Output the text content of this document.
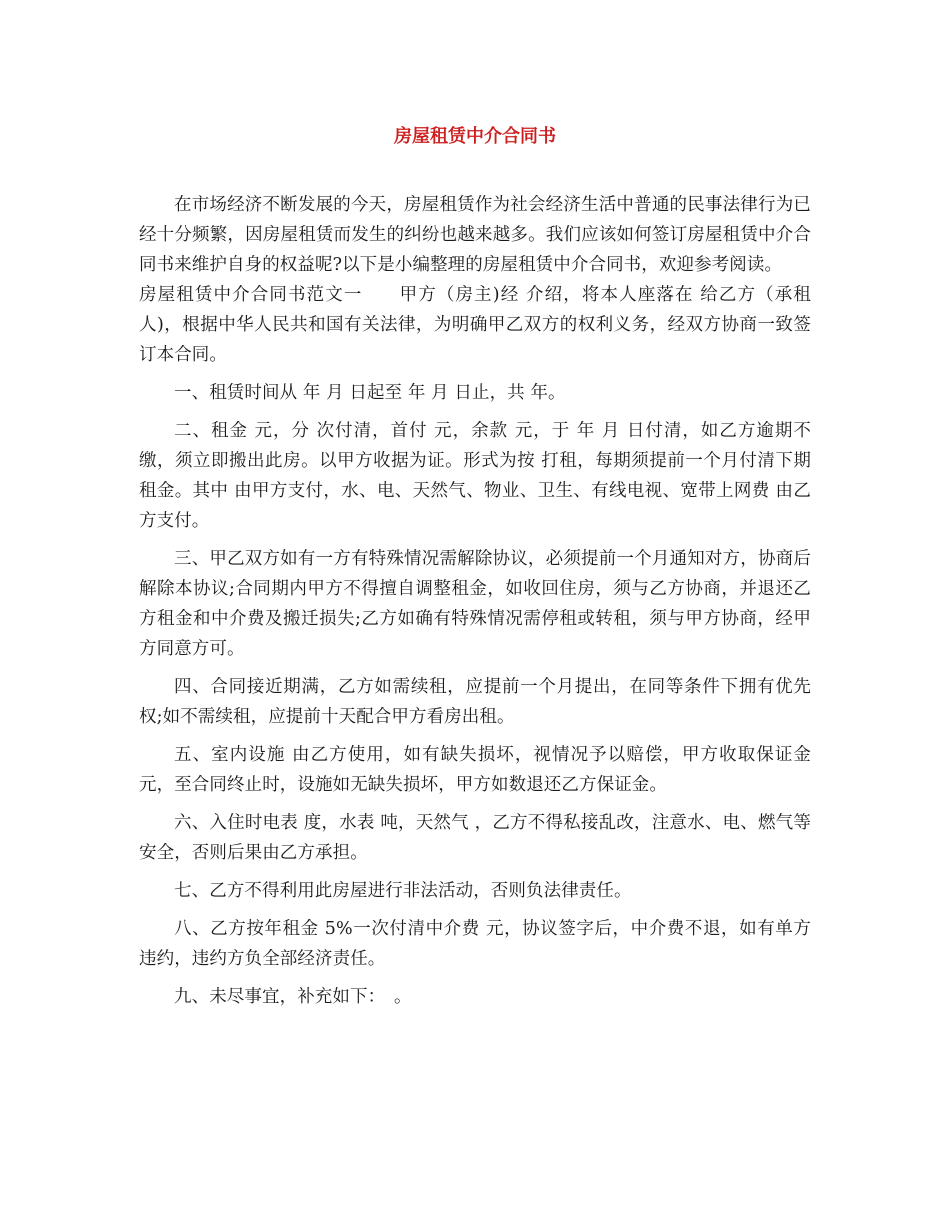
房屋租赁中介合同书

在市场经济不断发展的今天，房屋租赁作为社会经济生活中普通的民事法律行为已经十分频繁，因房屋租赁而发生的纠纷也越来越多。我们应该如何签订房屋租赁中介合同书来维护自身的权益呢?以下是小编整理的房屋租赁中介合同书，欢迎参考阅读。

房屋租赁中介合同书范文一　　甲方（房主)经 介绍，将本人座落在 给乙方（承租人)，根据中华人民共和国有关法律，为明确甲乙双方的权利义务，经双方协商一致签订本合同。

一、租赁时间从 年 月 日起至 年 月 日止，共 年。

二、租金 元，分 次付清，首付 元，余款 元，于 年 月 日付清，如乙方逾期不缴，须立即搬出此房。以甲方收据为证。形式为按 打租，每期须提前一个月付清下期租金。其中 由甲方支付，水、电、天然气、物业、卫生、有线电视、宽带上网费 由乙方支付。

三、甲乙双方如有一方有特殊情况需解除协议，必须提前一个月通知对方，协商后解除本协议;合同期内甲方不得擅自调整租金，如收回住房，须与乙方协商，并退还乙方租金和中介费及搬迁损失;乙方如确有特殊情况需停租或转租，须与甲方协商，经甲方同意方可。

四、合同接近期满，乙方如需续租，应提前一个月提出，在同等条件下拥有优先权;如不需续租，应提前十天配合甲方看房出租。

五、室内设施 由乙方使用，如有缺失损坏，视情况予以赔偿，甲方收取保证金 元，至合同终止时，设施如无缺失损坏，甲方如数退还乙方保证金。

六、入住时电表 度，水表 吨，天然气 ，乙方不得私接乱改，注意水、电、燃气等安全，否则后果由乙方承担。

七、乙方不得利用此房屋进行非法活动，否则负法律责任。

八、乙方按年租金 5%一次付清中介费 元，协议签字后，中介费不退，如有单方违约，违约方负全部经济责任。

九、未尽事宜，补充如下：　。
